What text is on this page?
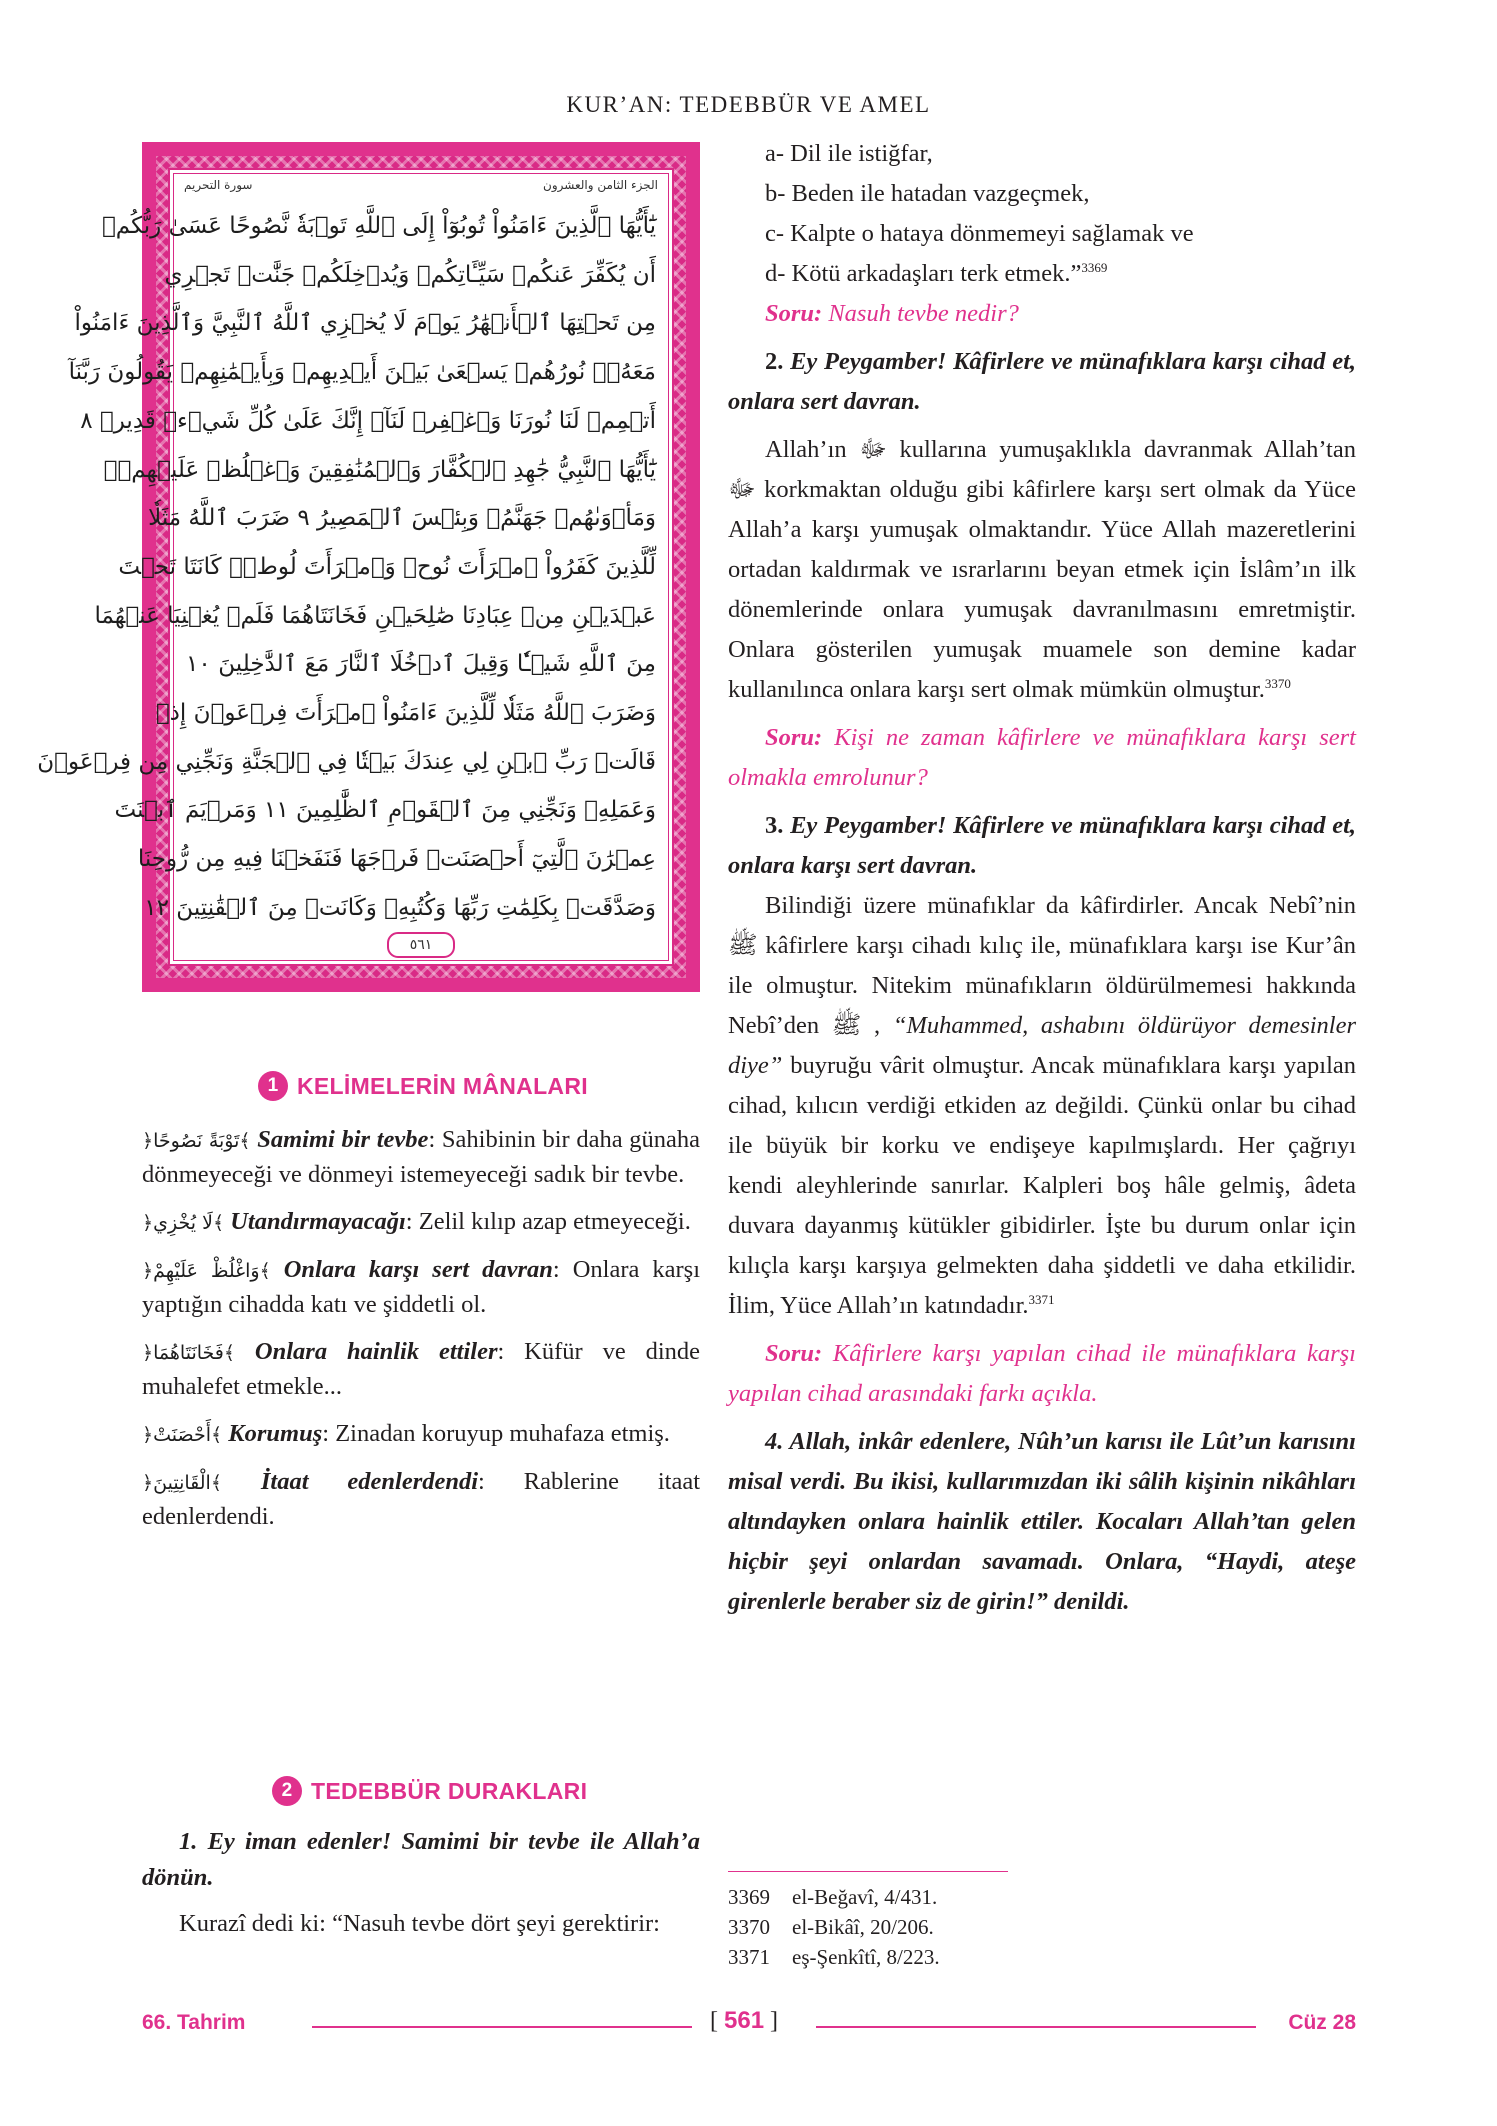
KUR’AN: TEDEBBÜR VE AMEL
الجزء الثامن والعشرون
سورة التحريم
يَٰٓأَيُّهَا ٱلَّذِينَ ءَامَنُواْ تُوبُوٓاْ إِلَى ٱللَّهِ تَوۡبَةٗ نَّصُوحًا عَسَىٰ رَبُّكُمۡ
أَن يُكَفِّرَ عَنكُمۡ سَيِّـَٔاتِكُمۡ وَيُدۡخِلَكُمۡ جَنَّٰتٖ تَجۡرِي
مِن تَحۡتِهَا ٱلۡأَنۡهَٰرُ يَوۡمَ لَا يُخۡزِي ٱللَّهُ ٱلنَّبِيَّ وَٱلَّذِينَ ءَامَنُواْ
مَعَهُۥۖ نُورُهُمۡ يَسۡعَىٰ بَيۡنَ أَيۡدِيهِمۡ وَبِأَيۡمَٰنِهِمۡ يَقُولُونَ رَبَّنَآ
أَتۡمِمۡ لَنَا نُورَنَا وَٱغۡفِرۡ لَنَآۖ إِنَّكَ عَلَىٰ كُلِّ شَيۡءٖ قَدِيرٞ ٨
يَٰٓأَيُّهَا ٱلنَّبِيُّ جَٰهِدِ ٱلۡكُفَّارَ وَٱلۡمُنَٰفِقِينَ وَٱغۡلُظۡ عَلَيۡهِمۡۚ
وَمَأۡوَىٰهُمۡ جَهَنَّمُۖ وَبِئۡسَ ٱلۡمَصِيرُ ٩ ضَرَبَ ٱللَّهُ مَثَلٗا
لِّلَّذِينَ كَفَرُواْ ٱمۡرَأَتَ نُوحٖ وَٱمۡرَأَتَ لُوطٖۖ كَانَتَا تَحۡتَ
عَبۡدَيۡنِ مِنۡ عِبَادِنَا صَٰلِحَيۡنِ فَخَانَتَاهُمَا فَلَمۡ يُغۡنِيَا عَنۡهُمَا
مِنَ ٱللَّهِ شَيۡـٔٗا وَقِيلَ ٱدۡخُلَا ٱلنَّارَ مَعَ ٱلدَّٰخِلِينَ ١٠
وَضَرَبَ ٱللَّهُ مَثَلٗا لِّلَّذِينَ ءَامَنُواْ ٱمۡرَأَتَ فِرۡعَوۡنَ إِذۡ
قَالَتۡ رَبِّ ٱبۡنِ لِي عِندَكَ بَيۡتٗا فِي ٱلۡجَنَّةِ وَنَجِّنِي مِن فِرۡعَوۡنَ
وَعَمَلِهِۦ وَنَجِّنِي مِنَ ٱلۡقَوۡمِ ٱلظَّٰلِمِينَ ١١ وَمَرۡيَمَ ٱبۡنَتَ
عِمۡرَٰنَ ٱلَّتِيٓ أَحۡصَنَتۡ فَرۡجَهَا فَنَفَخۡنَا فِيهِ مِن رُّوحِنَا
وَصَدَّقَتۡ بِكَلِمَٰتِ رَبِّهَا وَكُتُبِهِۦ وَكَانَتۡ مِنَ ٱلۡقَٰنِتِينَ ١٢
٥٦١
1 KELİMELERİN MÂNALARI

﴿تَوْبَةً نَصُوحًا﴾ Samimi bir tevbe: Sahibinin bir daha günaha dönmeyeceği ve dönmeyi istemeyeceği sadık bir tevbe.

﴿لَا يُخْزِي﴾ Utandırmayacağı: Zelil kılıp azap etmeyeceği.

﴿وَاغْلُظْ عَلَيْهِمْ﴾ Onlara karşı sert davran: Onlara karşı yaptığın cihadda katı ve şiddetli ol.

﴿فَخَانَتَاهُمَا﴾ Onlara hainlik ettiler: Küfür ve dinde muhalefet etmekle...

﴿أَحْصَنَتْ﴾ Korumuş: Zinadan koruyup muhafaza etmiş.

﴿الْقَانِتِينَ﴾ İtaat edenlerdendi: Rablerine itaat edenlerdendi.

2 TEDEBBÜR DURAKLARI

1. Ey iman edenler! Samimi bir tevbe ile Allah’a dönün.

Kurazî dedi ki: “Nasuh tevbe dört şeyi gerektirir:

a- Dil ile istiğfar,

b- Beden ile hatadan vazgeçmek,

c- Kalpte o hataya dönmemeyi sağlamak ve

d- Kötü arkadaşları terk etmek.”$^{3369}$

Soru: Nasuh tevbe nedir?

2. Ey Peygamber! Kâfirlere ve münafıklara karşı cihad et, onlara sert davran.

Allah’ın ﷻ kullarına yumuşaklıkla davranmak Allah’tan ﷻ korkmaktan olduğu gibi kâfirlere karşı sert olmak da Yüce Allah’a karşı yumuşak olmaktandır. Yüce Allah mazeretlerini ortadan kaldırmak ve ısrarlarını beyan etmek için İslâm’ın ilk dönemlerinde onlara yumuşak davranılmasını emretmiştir. Onlara gösterilen yumuşak muamele son demine kadar kullanılınca onlara karşı sert olmak mümkün olmuştur.$^{3370}$

Soru: Kişi ne zaman kâfirlere ve münafıklara karşı sert olmakla emrolunur?

3. Ey Peygamber! Kâfirlere ve münafıklara karşı cihad et, onlara karşı sert davran.

Bilindiği üzere münafıklar da kâfirdirler. Ancak Nebî’nin ﷺ kâfirlere karşı cihadı kılıç ile, münafıklara karşı ise Kur’ân ile olmuştur. Nitekim münafıkların öldürülmemesi hakkında Nebî’den ﷺ , “Muhammed, ashabını öldürüyor demesinler diye” buyruğu vârit olmuştur. Ancak münafıklara karşı yapılan cihad, kılıcın verdiği etkiden az değildi. Çünkü onlar bu cihad ile büyük bir korku ve endişeye kapılmışlardı. Her çağrıyı kendi aleyhlerinde sanırlar. Kalpleri boş hâle gelmiş, âdeta duvara dayanmış kütükler gibidirler. İşte bu durum onlar için kılıçla karşı karşıya gelmekten daha şiddetli ve daha etkilidir. İlim, Yüce Allah’ın katındadır.$^{3371}$

Soru: Kâfirlere karşı yapılan cihad ile münafıklara karşı yapılan cihad arasındaki farkı açıkla.

4. Allah, inkâr edenlere, Nûh’un karısı ile Lût’un karısını misal verdi. Bu ikisi, kullarımızdan iki sâlih kişinin nikâhları altındayken onlara hainlik ettiler. Kocaları Allah’tan gelen hiçbir şeyi onlardan savamadı. Onlara, “Haydi, ateşe girenlerle beraber siz de girin!” denildi.

3369 el-Beğavî, 4/431.
3370 el-Bikâî, 20/206.
3371 eş-Şenkîtî, 8/223.
66. Tahrim	[ 561 ]	Cüz 28
